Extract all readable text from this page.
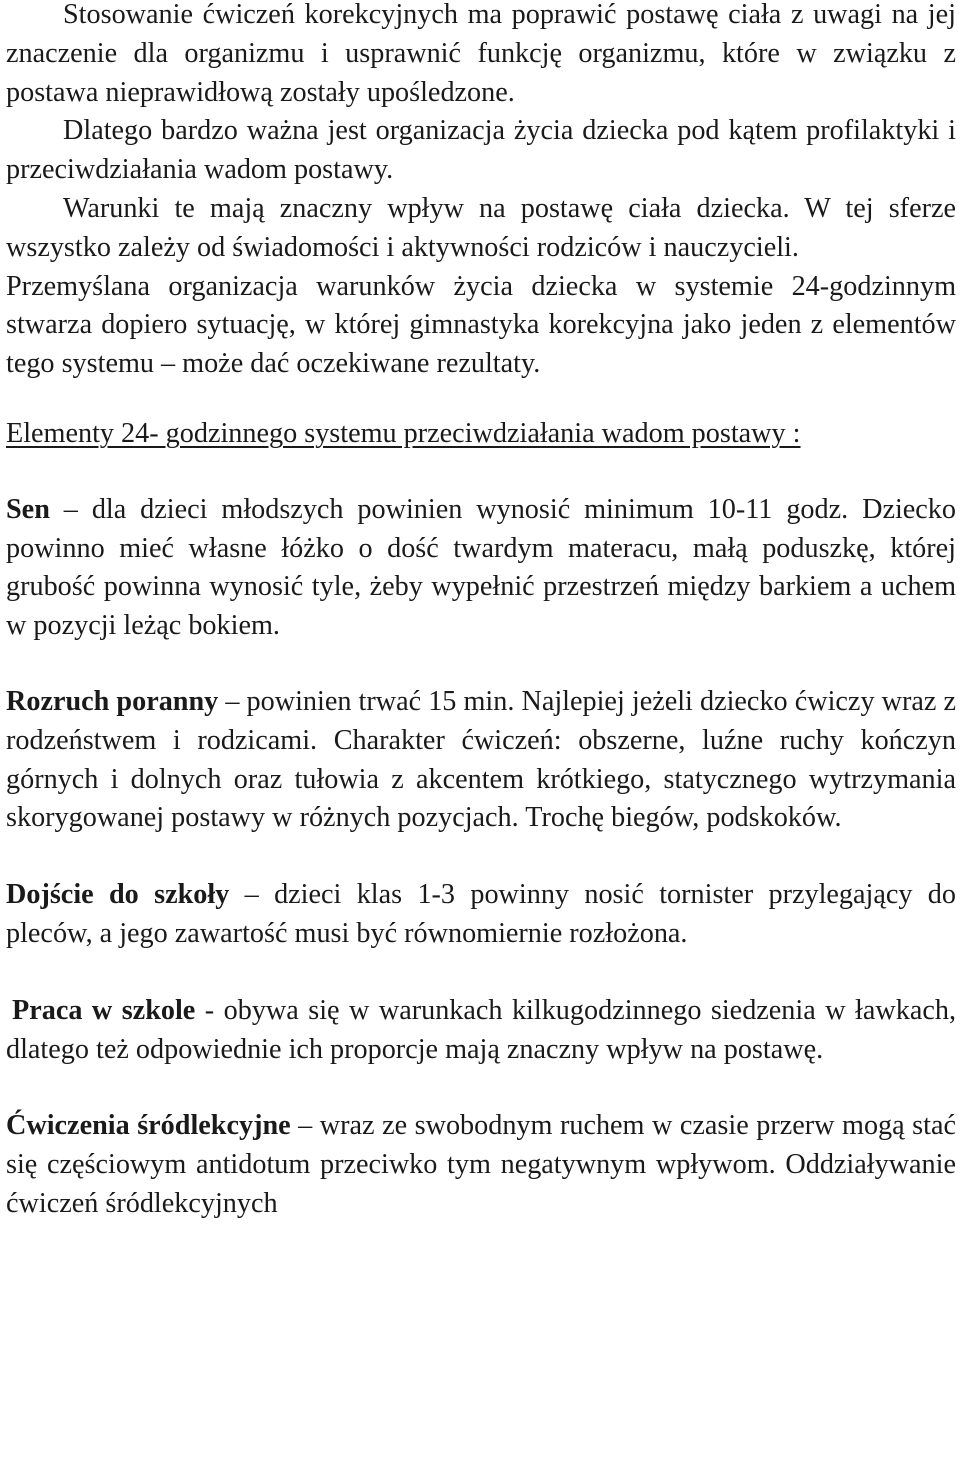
Stosowanie ćwiczeń korekcyjnych ma poprawić postawę ciała z uwagi na jej znaczenie dla organizmu i usprawnić funkcję organizmu, które w związku z postawa nieprawidłową zostały upośledzone.

Dlatego bardzo ważna jest organizacja życia dziecka pod kątem profilaktyki i przeciwdziałania wadom postawy.

Warunki te mają znaczny wpływ na postawę ciała dziecka. W tej sferze wszystko zależy od świadomości i aktywności rodziców i nauczycieli.

Przemyślana organizacja warunków życia dziecka w systemie 24-godzinnym stwarza dopiero sytuację, w której gimnastyka korekcyjna jako jeden z elementów tego systemu – może dać oczekiwane rezultaty.

Elementy 24- godzinnego systemu przeciwdziałania wadom postawy :

Sen – dla dzieci młodszych powinien wynosić minimum 10-11 godz. Dziecko powinno mieć własne łóżko o dość twardym materacu, małą poduszkę, której grubość powinna wynosić tyle, żeby wypełnić przestrzeń między barkiem a uchem w pozycji leżąc bokiem.

Rozruch poranny – powinien trwać 15 min. Najlepiej jeżeli dziecko ćwiczy wraz z rodzeństwem i rodzicami. Charakter ćwiczeń: obszerne, luźne ruchy kończyn górnych i dolnych oraz tułowia z akcentem krótkiego, statycznego wytrzymania skorygowanej postawy w różnych pozycjach. Trochę biegów, podskoków.

Dojście do szkoły – dzieci klas 1-3 powinny nosić tornister przylegający do pleców, a jego zawartość musi być równomiernie rozłożona.

Praca w szkole - obywa się w warunkach kilkugodzinnego siedzenia w ławkach, dlatego też odpowiednie ich proporcje mają znaczny wpływ na postawę.

Ćwiczenia śródlekcyjne – wraz ze swobodnym ruchem w czasie przerw mogą stać się częściowym antidotum przeciwko tym negatywnym wpływom. Oddziaływanie ćwiczeń śródlekcyjnych
